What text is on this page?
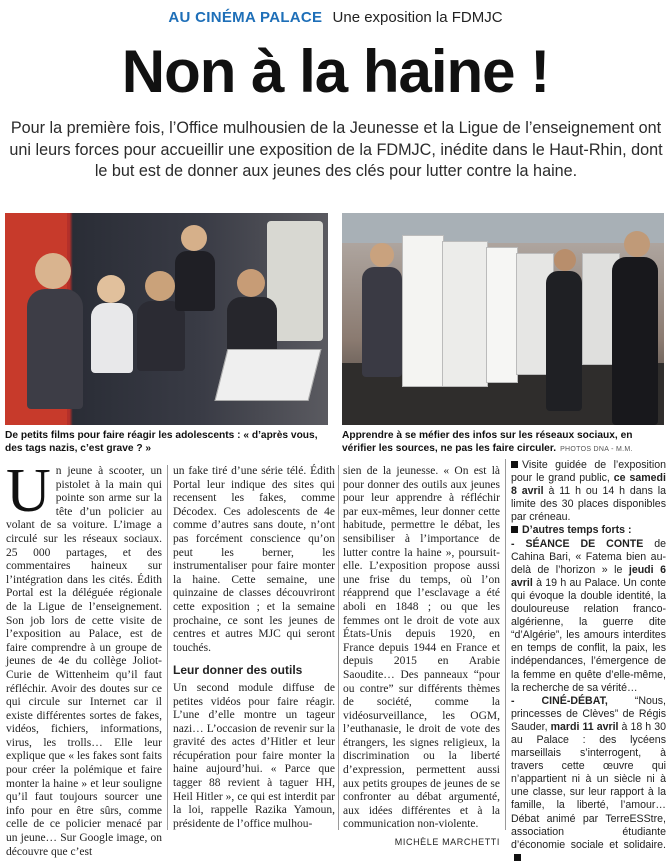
AU CINÉMA PALACE Une exposition la FDMJC
Non à la haine !
Pour la première fois, l’Office mulhousien de la Jeunesse et la Ligue de l’enseignement ont uni leurs forces pour accueillir une exposition de la FDMJC, inédite dans le Haut-Rhin, dont le but est de donner aux jeunes des clés pour lutter contre la haine.
De petits films pour faire réagir les adolescents : « d’après vous, des tags nazis, c’est grave ? »
Apprendre à se méfier des infos sur les réseaux sociaux, en vérifier les sources, ne pas les faire circuler. PHOTOS DNA - M.M.
U n jeune à scooter, un pistolet à la main qui pointe son arme sur la tête d’un policier au volant de sa voiture. L’image a circulé sur les réseaux sociaux. 25 000 partages, et des commentaires haineux sur l’intégration dans les cités. Édith Portal est la déléguée régionale de la Ligue de l’enseignement. Son job lors de cette visite de l’exposition au Palace, est de faire comprendre à un groupe de jeunes de 4e du collège Joliot-Curie de Wittenheim qu’il faut réfléchir. Avoir des doutes sur ce qui circule sur Internet car il existe différentes sortes de fakes, vidéos, fichiers, informations, virus, les trolls… Elle leur explique que « les fakes sont faits pour créer la polémique et faire monter la haine » et leur souligne qu’il faut toujours sourcer une info pour en être sûrs, comme celle de ce policier menacé par un jeune… Sur Google image, on découvre que c’est

un fake tiré d’une série télé. Édith Portal leur indique des sites qui recensent les fakes, comme Décodex. Ces adolescents de 4e comme d’autres sans doute, n’ont pas forcément conscience qu’on peut les berner, les instrumentaliser pour faire monter la haine. Cette semaine, une quinzaine de classes découvriront cette exposition ; et la semaine prochaine, ce sont les jeunes de centres et autres MJC qui seront touchés.

Leur donner des outils

Un second module diffuse de petites vidéos pour faire réagir. L’une d’elle montre un tageur nazi… L’occasion de revenir sur la gravité des actes d’Hitler et leur récupération pour faire monter la haine aujourd’hui. « Parce que tagger 88 revient à taguer HH, Heil Hitler », ce qui est interdit par la loi, rappelle Razika Yamoun, présidente de l’office mulhou-

sien de la jeunesse. « On est là pour donner des outils aux jeunes pour leur apprendre à réfléchir par eux-mêmes, leur donner cette habitude, permettre le débat, les sensibiliser à l’importance de lutter contre la haine », poursuit-elle. L’exposition propose aussi une frise du temps, où l’on réapprend que l’esclavage a été aboli en 1848 ; ou que les femmes ont le droit de vote aux États-Unis depuis 1920, en France depuis 1944 en France et depuis 2015 en Arabie Saoudite… Des panneaux “pour ou contre” sur différents thèmes de société, comme la vidéosurveillance, les OGM, l’euthanasie, le droit de vote des étrangers, les signes religieux, la discrimination ou la liberté d’expression, permettent aussi aux petits groupes de jeunes de se confronter au débat argumenté, aux idées différentes et à la communication non-violente.

MICHÈLE MARCHETTI

Visite guidée de l’exposition pour le grand public, ce samedi 8 avril à 11 h ou 14 h dans la limite des 30 places disponibles par créneau.

D’autres temps forts :

- SÉANCE DE CONTE de Cahina Bari, « Fatema bien au-delà de l’horizon » le jeudi 6 avril à 19 h au Palace. Un conte qui évoque la double identité, la douloureuse relation franco-algérienne, la guerre dite “d’Algérie”, les amours interdites en temps de conflit, la paix, les indépendances, l’émergence de la femme en quête d’elle-même, la recherche de sa vérité…

- CINÉ-DÉBAT,	“Nous, princesses de Clèves” de Régis Sauder, mardi 11 avril à 18 h 30 au Palace : des lycéens marseillais s’interrogent, à travers cette œuvre qui n’appartient ni à un siècle ni à une classe, sur leur rapport à la famille, la liberté, l’amour… Débat animé par TerreESStre, association étudiante d’économie sociale et solidaire.
